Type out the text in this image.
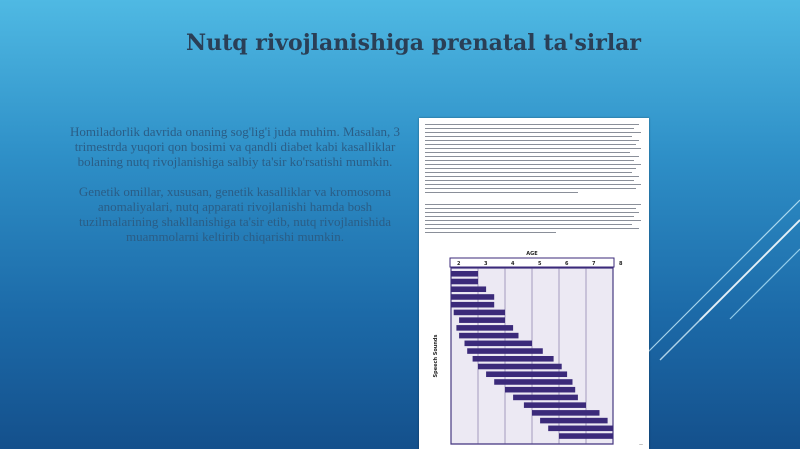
Nutq rivojlanishiga prenatal ta'sirlar

Homiladorlik davrida onaning sog'lig'i juda muhim. Masalan, 3 trimestrda yuqori qon bosimi va qandli diabet kabi kasalliklar bolaning nutq rivojlanishiga salbiy ta'sir ko'rsatishi mumkin.

Genetik omillar, xususan, genetik kasalliklar va kromosoma anomaliyalari, nutq apparati rivojlanishi hamda bosh tuzilmalarining shakllanishiga ta'sir etib, nutq rivojlanishida muammolarni keltirib chiqarishi mumkin.

AGE
2	3	4	5	6	7	8
Speech Sounds
—
